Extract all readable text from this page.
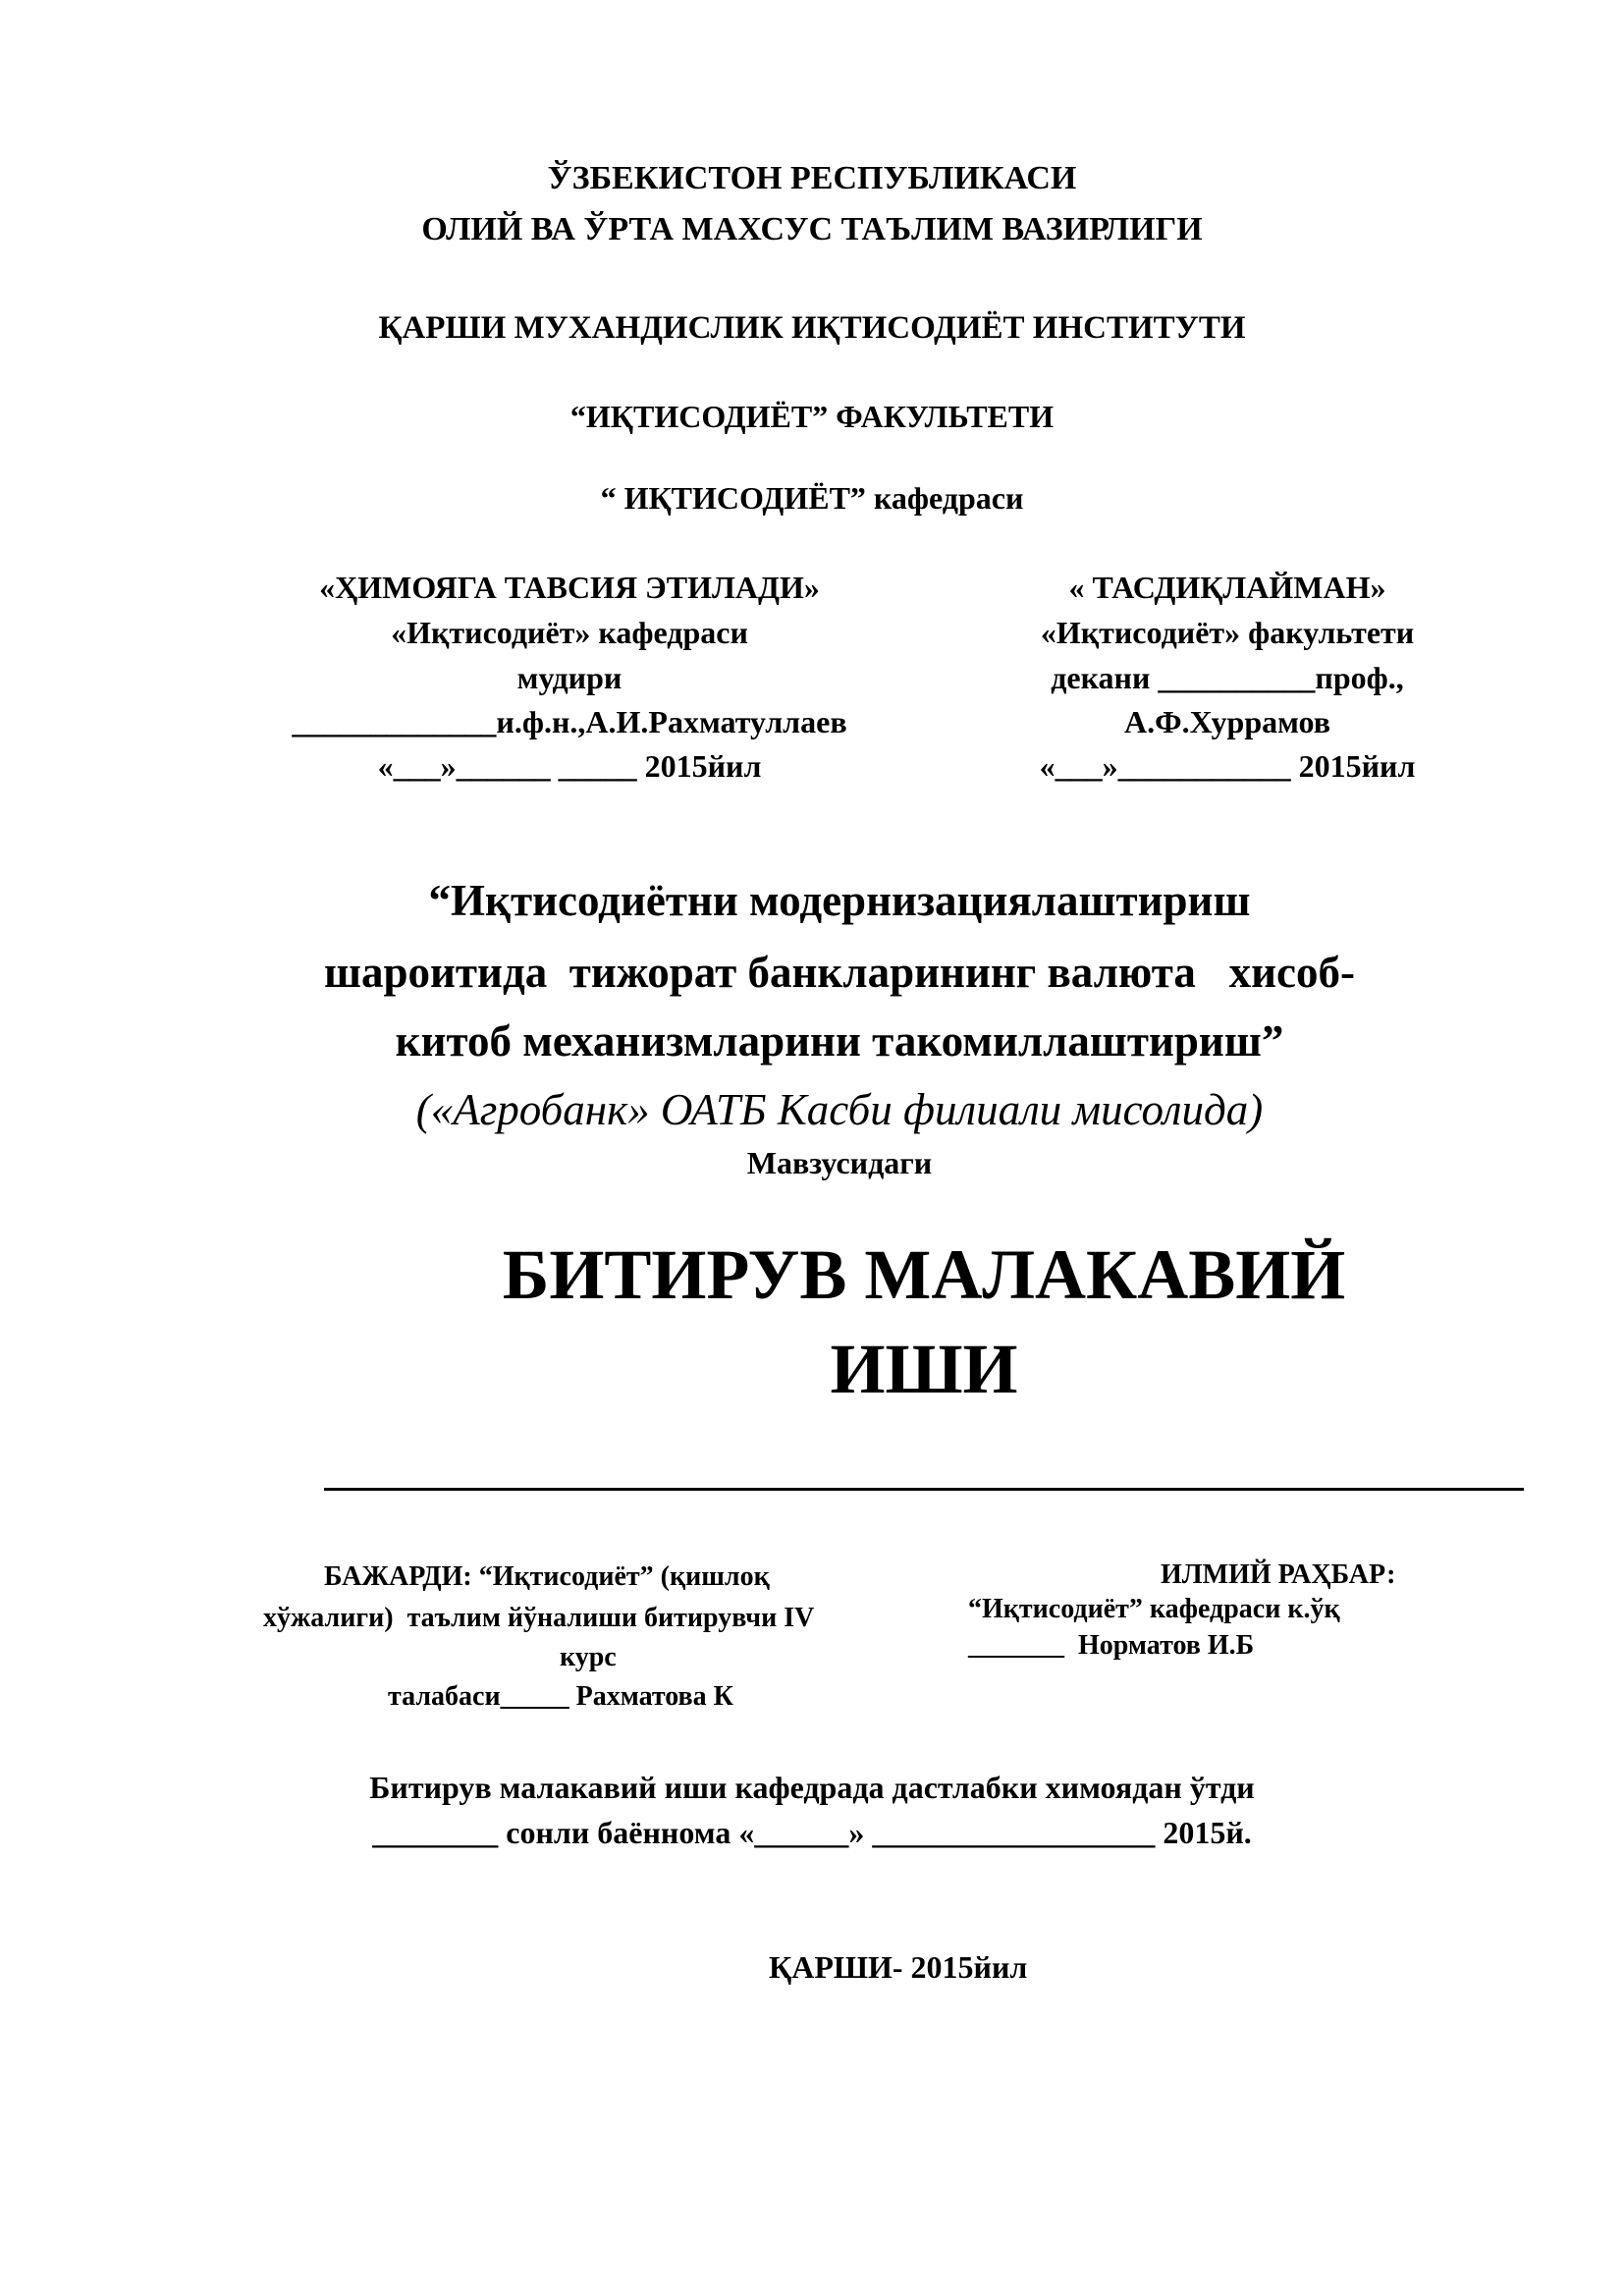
ЎЗБЕКИСТОН РЕСПУБЛИКАСИ
ОЛИЙ ВА ЎРТА МАХСУС ТАЪЛИМ ВАЗИРЛИГИ
ҚАРШИ МУХАНДИСЛИК ИҚТИСОДИЁТ ИНСТИТУТИ
“ИҚТИСОДИЁТ” ФАКУЛЬТЕТИ
“ ИҚТИСОДИЁТ” кафедраси
«ҲИМОЯГА ТАВСИЯ ЭТИЛАДИ»
«Иқтисодиёт» кафедраси
мудири
_____________и.ф.н.,А.И.Рахматуллаев
«___»______ _____ 2015йил
« ТАСДИҚЛАЙМАН»
«Иқтисодиёт» факультети
декани __________проф.,
А.Ф.Хуррамов
«___»___________ 2015йил
“Иқтисодиётни модернизациялаштириш
шароитида  тижорат банкларининг валюта   хисоб-
китоб механизмларини такомиллаштириш”
(«Агробанк» ОАТБ Касби филиали мисолида)
Мавзусидаги
БИТИРУВ МАЛАКАВИЙ
ИШИ
БАЖАРДИ: “Иқтисодиёт” (қишлоқ
хўжалиги)  таълим йўналиши битирувчи IV
курс
талабаси_____ Рахматова К
ИЛМИЙ РАҲБАР:
“Иқтисодиёт” кафедраси к.ўқ
_______  Норматов И.Б
Битирув малакавий иши кафедрада дастлабки химоядан ўтди
________ сонли баённома «______» __________________ 2015й.
ҚАРШИ- 2015йил
